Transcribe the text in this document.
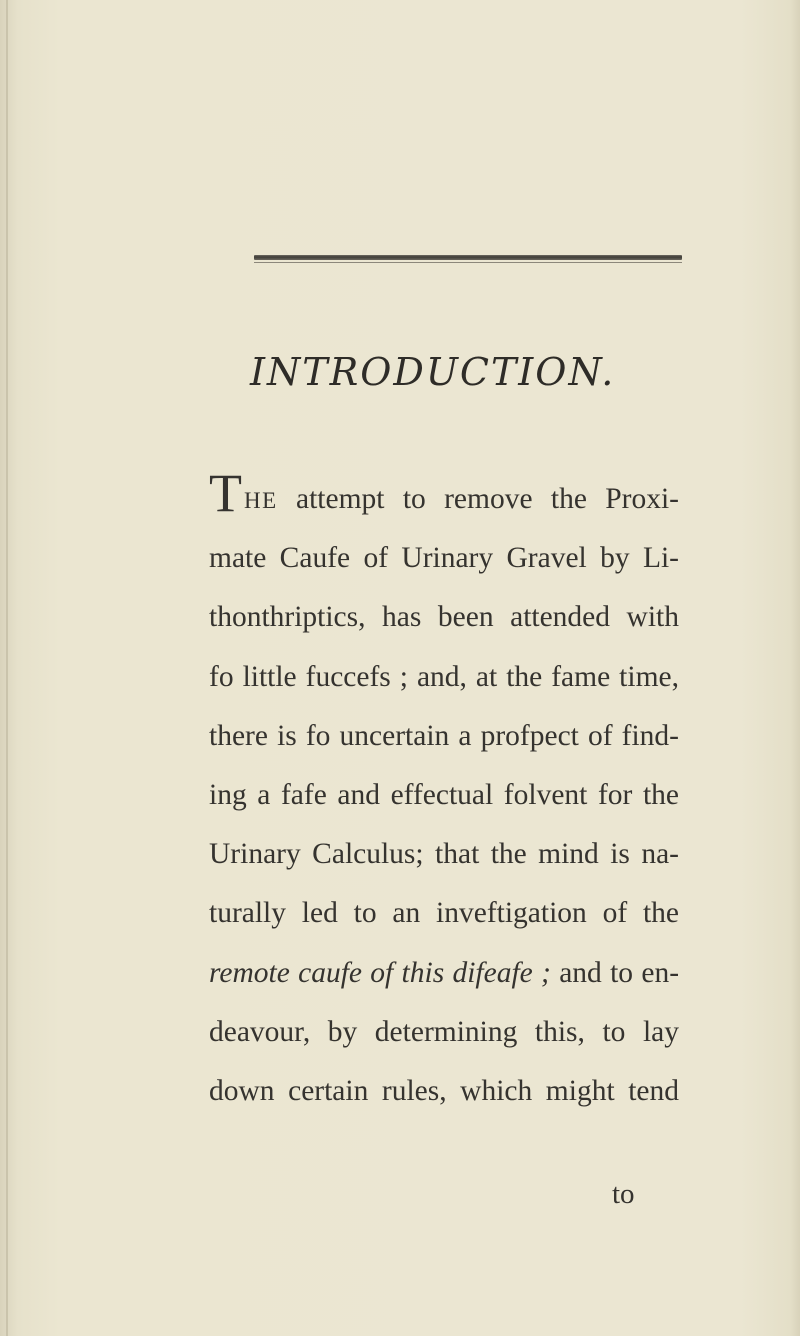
INTRODUCTION.
THE attempt to remove the Proxi-
mate Caufe of Urinary Gravel by Li-
thonthriptics, has been attended with
fo little fuccefs ; and, at the fame time,
there is fo uncertain a profpect of find-
ing a fafe and effectual folvent for the
Urinary Calculus; that the mind is na-
turally led to an inveftigation of the
remote caufe of this difeafe ; and to en-
deavour, by determining this, to lay
down certain rules, which might tend
to
